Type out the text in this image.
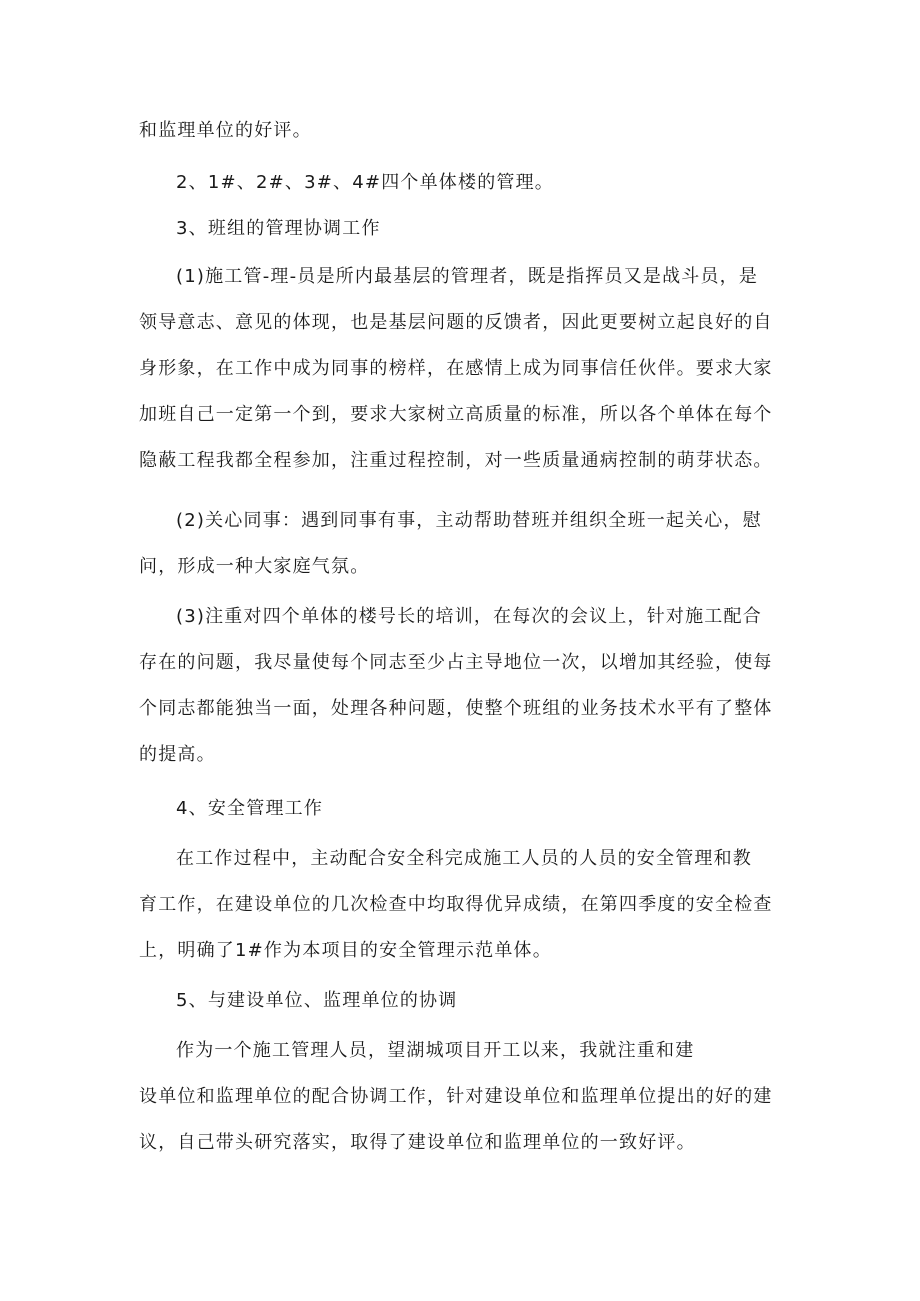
和监理单位的好评。
2、1#、2#、3#、4#四个单体楼的管理。
3、班组的管理协调工作
(1)施工管-理-员是所内最基层的管理者，既是指挥员又是战斗员，是
领导意志、意见的体现，也是基层问题的反馈者，因此更要树立起良好的自
身形象，在工作中成为同事的榜样，在感情上成为同事信任伙伴。要求大家
加班自己一定第一个到，要求大家树立高质量的标准，所以各个单体在每个
隐蔽工程我都全程参加，注重过程控制，对一些质量通病控制的萌芽状态。
(2)关心同事：遇到同事有事，主动帮助替班并组织全班一起关心，慰
问，形成一种大家庭气氛。
(3)注重对四个单体的楼号长的培训，在每次的会议上，针对施工配合
存在的问题，我尽量使每个同志至少占主导地位一次，以增加其经验，使每
个同志都能独当一面，处理各种问题，使整个班组的业务技术水平有了整体
的提高。
4、安全管理工作
在工作过程中，主动配合安全科完成施工人员的人员的安全管理和教
育工作，在建设单位的几次检查中均取得优异成绩，在第四季度的安全检查
上，明确了1#作为本项目的安全管理示范单体。
5、与建设单位、监理单位的协调
作为一个施工管理人员，望湖城项目开工以来，我就注重和建
设单位和监理单位的配合协调工作，针对建设单位和监理单位提出的好的建
议，自己带头研究落实，取得了建设单位和监理单位的一致好评。
